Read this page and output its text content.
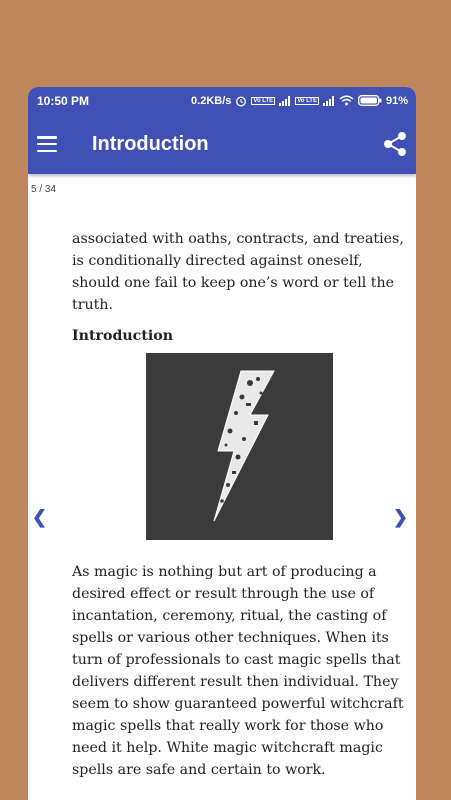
10:50 PM	0.2KB/s	Vo LTE	Vo LTE	91%
Introduction
5 / 34

associated with oaths, contracts, and treaties, is conditionally directed against oneself, should one fail to keep one’s word or tell the truth.

Introduction

As magic is nothing but art of producing a desired effect or result through the use of incantation, ceremony, ritual, the casting of spells or various other techniques. When its turn of professionals to cast magic spells that delivers different result then individual. They seem to show guaranteed powerful witchcraft magic spells that really work for those who need it help. White magic witchcraft magic spells are safe and certain to work.

❮	❯
